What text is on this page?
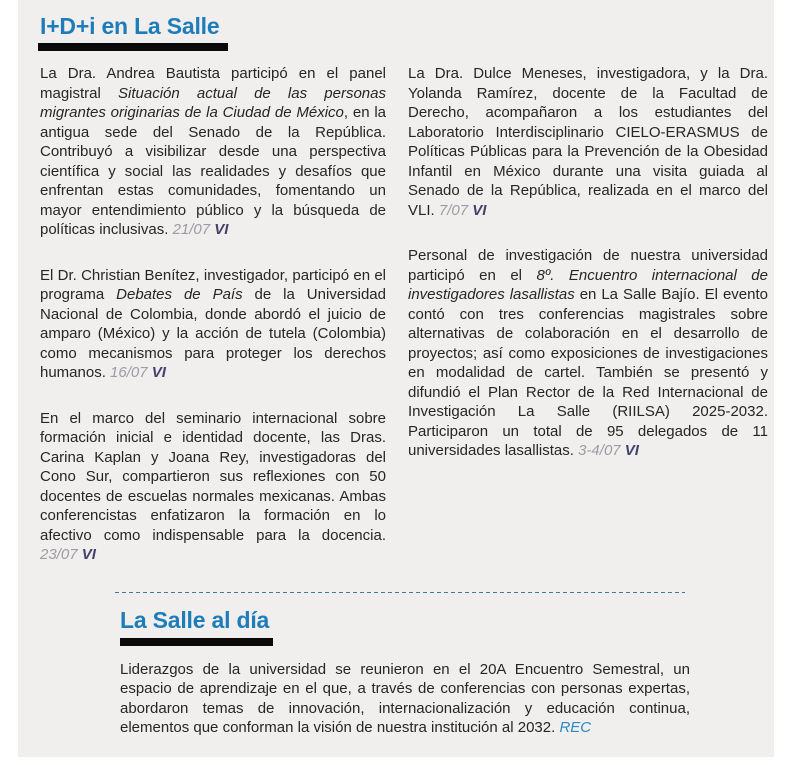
I+D+i en La Salle

La Dra. Andrea Bautista participó en el panel magistral Situación actual de las personas migrantes originarias de la Ciudad de México, en la antigua sede del Senado de la República. Contribuyó a visibilizar desde una perspectiva científica y social las realidades y desafíos que enfrentan estas comunidades, fomentando un mayor entendimiento público y la búsqueda de políticas inclusivas. 21/07 VI

El Dr. Christian Benítez, investigador, participó en el programa Debates de País de la Universidad Nacional de Colombia, donde abordó el juicio de amparo (México) y la acción de tutela (Colombia) como mecanismos para proteger los derechos humanos. 16/07 VI

En el marco del seminario internacional sobre formación inicial e identidad docente, las Dras. Carina Kaplan y Joana Rey, investigadoras del Cono Sur, compartieron sus reflexiones con 50 docentes de escuelas normales mexicanas. Ambas conferencistas enfatizaron la formación en lo afectivo como indispensable para la docencia. 23/07 VI

La Dra. Dulce Meneses, investigadora, y la Dra. Yolanda Ramírez, docente de la Facultad de Derecho, acompañaron a los estudiantes del Laboratorio Interdisciplinario CIELO-ERASMUS de Políticas Públicas para la Prevención de la Obesidad Infantil en México durante una visita guiada al Senado de la República, realizada en el marco del VLI. 7/07 VI

Personal de investigación de nuestra universidad participó en el 8º. Encuentro internacional de investigadores lasallistas en La Salle Bajío. El evento contó con tres conferencias magistrales sobre alternativas de colaboración en el desarrollo de proyectos; así como exposiciones de investigaciones en modalidad de cartel. También se presentó y difundió el Plan Rector de la Red Internacional de Investigación La Salle (RIILSA) 2025-2032. Participaron un total de 95 delegados de 11 universidades lasallistas. 3-4/07 VI

La Salle al día

Liderazgos de la universidad se reunieron en el 20A Encuentro Semestral, un espacio de aprendizaje en el que, a través de conferencias con personas expertas, abordaron temas de innovación, internacionalización y educación continua, elementos que conforman la visión de nuestra institución al 2032. REC
